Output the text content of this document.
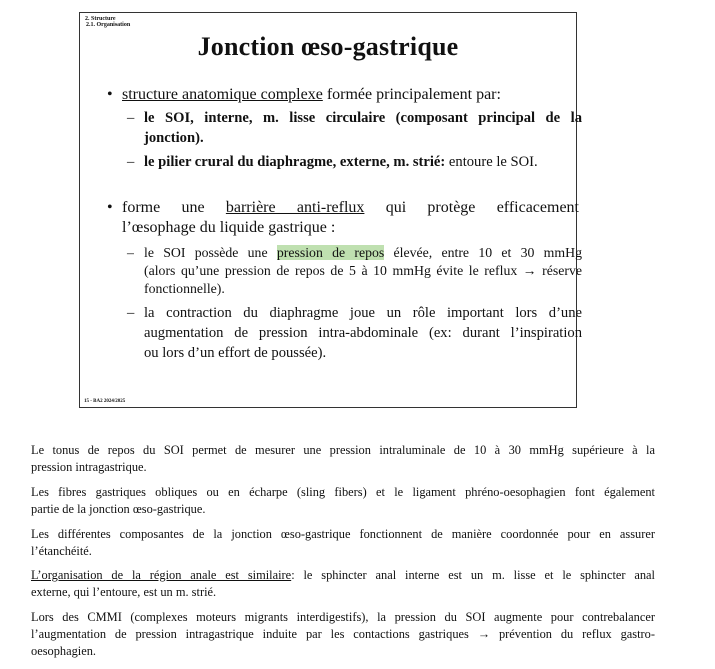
2. Structure
2.1. Organisation
Jonction œso-gastrique
• structure anatomique complexe formée principalement par:
– le SOI, interne, m. lisse circulaire (composant principal de la
jonction).
– le pilier crural du diaphragme, externe, m. strié: entoure le SOI.
• forme une barrière anti-reflux qui protège efficacement
l’œsophage du liquide gastrique :
– le SOI possède une pression de repos élevée, entre 10 et 30 mmHg
(alors qu’une pression de repos de 5 à 10 mmHg évite le reflux → réserve
fonctionnelle).
– la contraction du diaphragme joue un rôle important lors d’une
augmentation de pression intra-abdominale (ex: durant l’inspiration
ou lors d’un effort de poussée).
15 - BA2 2024/2025
Le tonus de repos du SOI permet de mesurer une pression intraluminale de 10 à 30 mmHg supérieure à la
pression intragastrique.
Les fibres gastriques obliques ou en écharpe (sling fibers) et le ligament phréno-oesophagien font également
partie de la jonction œso-gastrique.
Les différentes composantes de la jonction œso-gastrique fonctionnent de manière coordonnée pour en assurer
l’étanchéité.
L’organisation de la région anale est similaire: le sphincter anal interne est un m. lisse et le sphincter anal
externe, qui l’entoure, est un m. strié.
Lors des CMMI (complexes moteurs migrants interdigestifs), la pression du SOI augmente pour contrebalancer
l’augmentation de pression intragastrique induite par les contactions gastriques → prévention du reflux gastro-
oesophagien.
